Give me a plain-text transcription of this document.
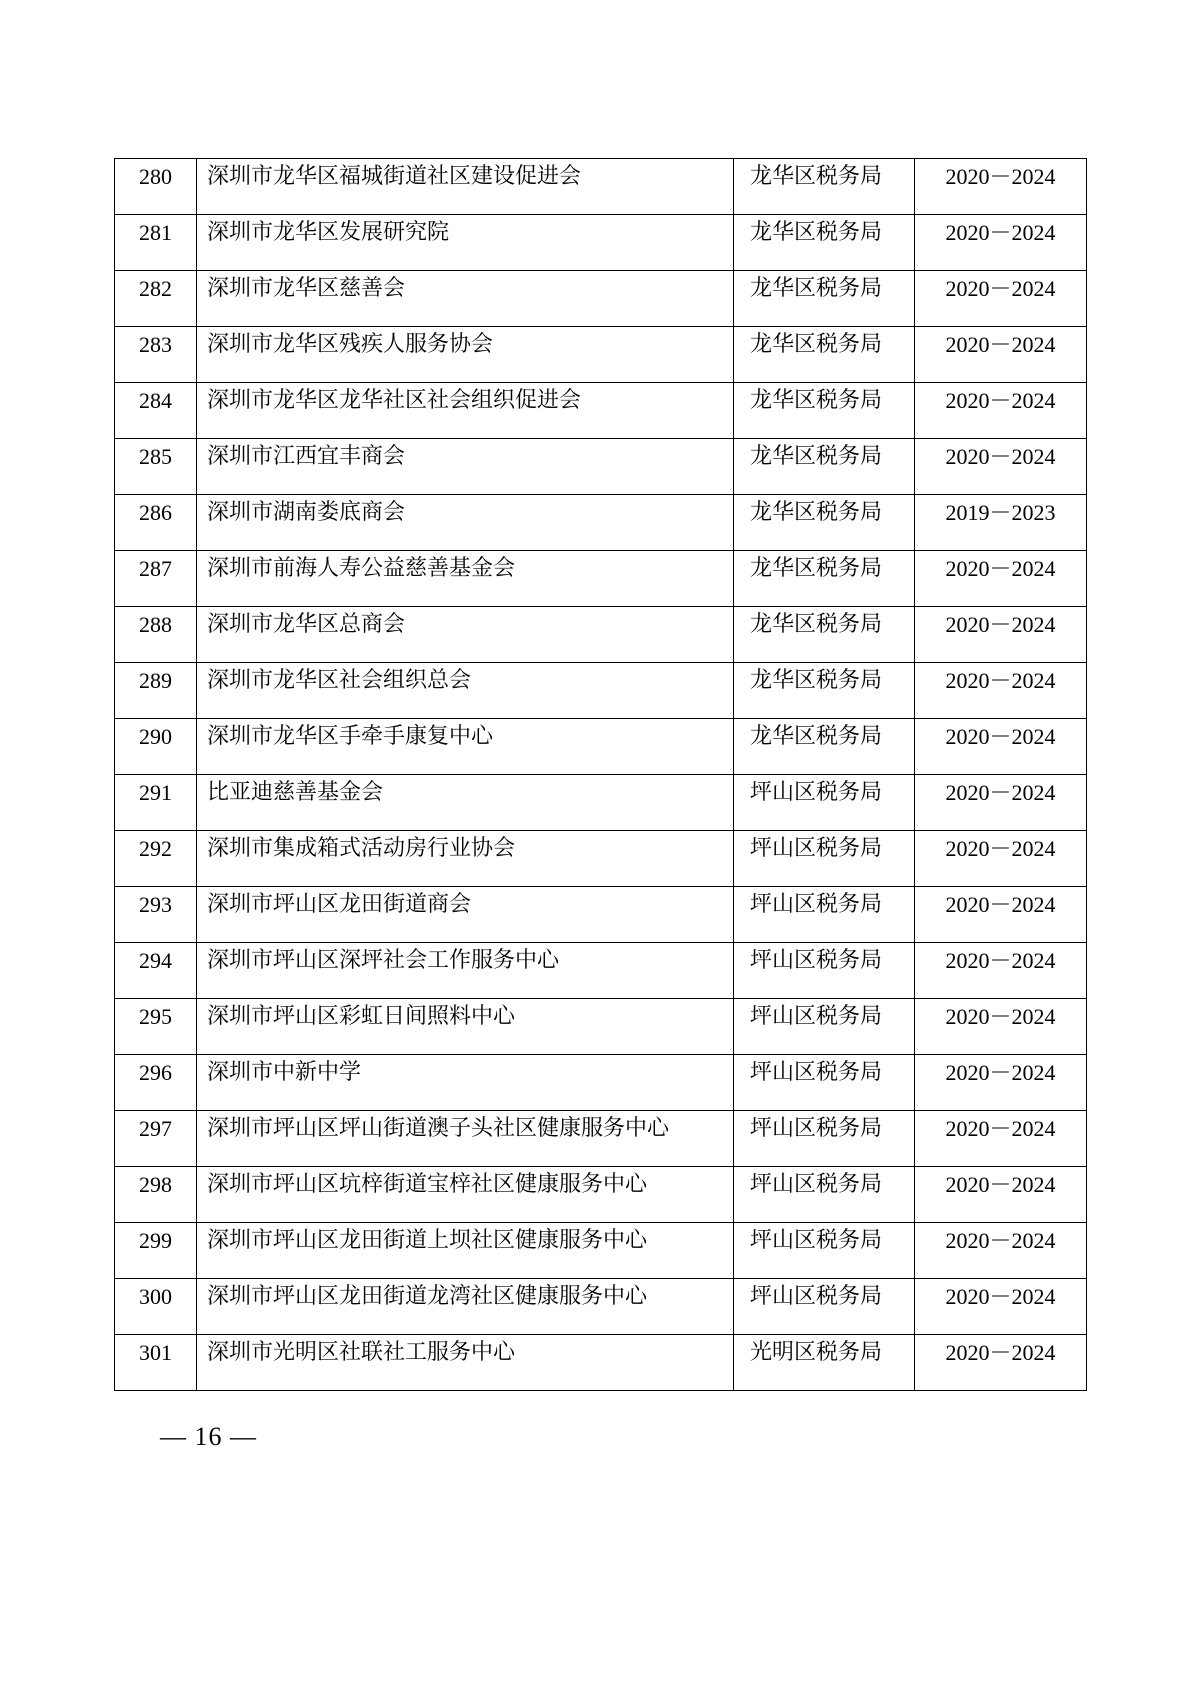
280	深圳市龙华区福城街道社区建设促进会	龙华区税务局	2020－2024

281	深圳市龙华区发展研究院	龙华区税务局	2020－2024

282	深圳市龙华区慈善会	龙华区税务局	2020－2024

283	深圳市龙华区残疾人服务协会	龙华区税务局	2020－2024

284	深圳市龙华区龙华社区社会组织促进会	龙华区税务局	2020－2024

285	深圳市江西宜丰商会	龙华区税务局	2020－2024

286	深圳市湖南娄底商会	龙华区税务局	2019－2023

287	深圳市前海人寿公益慈善基金会	龙华区税务局	2020－2024

288	深圳市龙华区总商会	龙华区税务局	2020－2024

289	深圳市龙华区社会组织总会	龙华区税务局	2020－2024

290	深圳市龙华区手牵手康复中心	龙华区税务局	2020－2024

291	比亚迪慈善基金会	坪山区税务局	2020－2024

292	深圳市集成箱式活动房行业协会	坪山区税务局	2020－2024

293	深圳市坪山区龙田街道商会	坪山区税务局	2020－2024

294	深圳市坪山区深坪社会工作服务中心	坪山区税务局	2020－2024

295	深圳市坪山区彩虹日间照料中心	坪山区税务局	2020－2024

296	深圳市中新中学	坪山区税务局	2020－2024

297	深圳市坪山区坪山街道澳子头社区健康服务中心	坪山区税务局	2020－2024

298	深圳市坪山区坑梓街道宝梓社区健康服务中心	坪山区税务局	2020－2024

299	深圳市坪山区龙田街道上坝社区健康服务中心	坪山区税务局	2020－2024

300	深圳市坪山区龙田街道龙湾社区健康服务中心	坪山区税务局	2020－2024

301	深圳市光明区社联社工服务中心	光明区税务局	2020－2024
— 16 —
